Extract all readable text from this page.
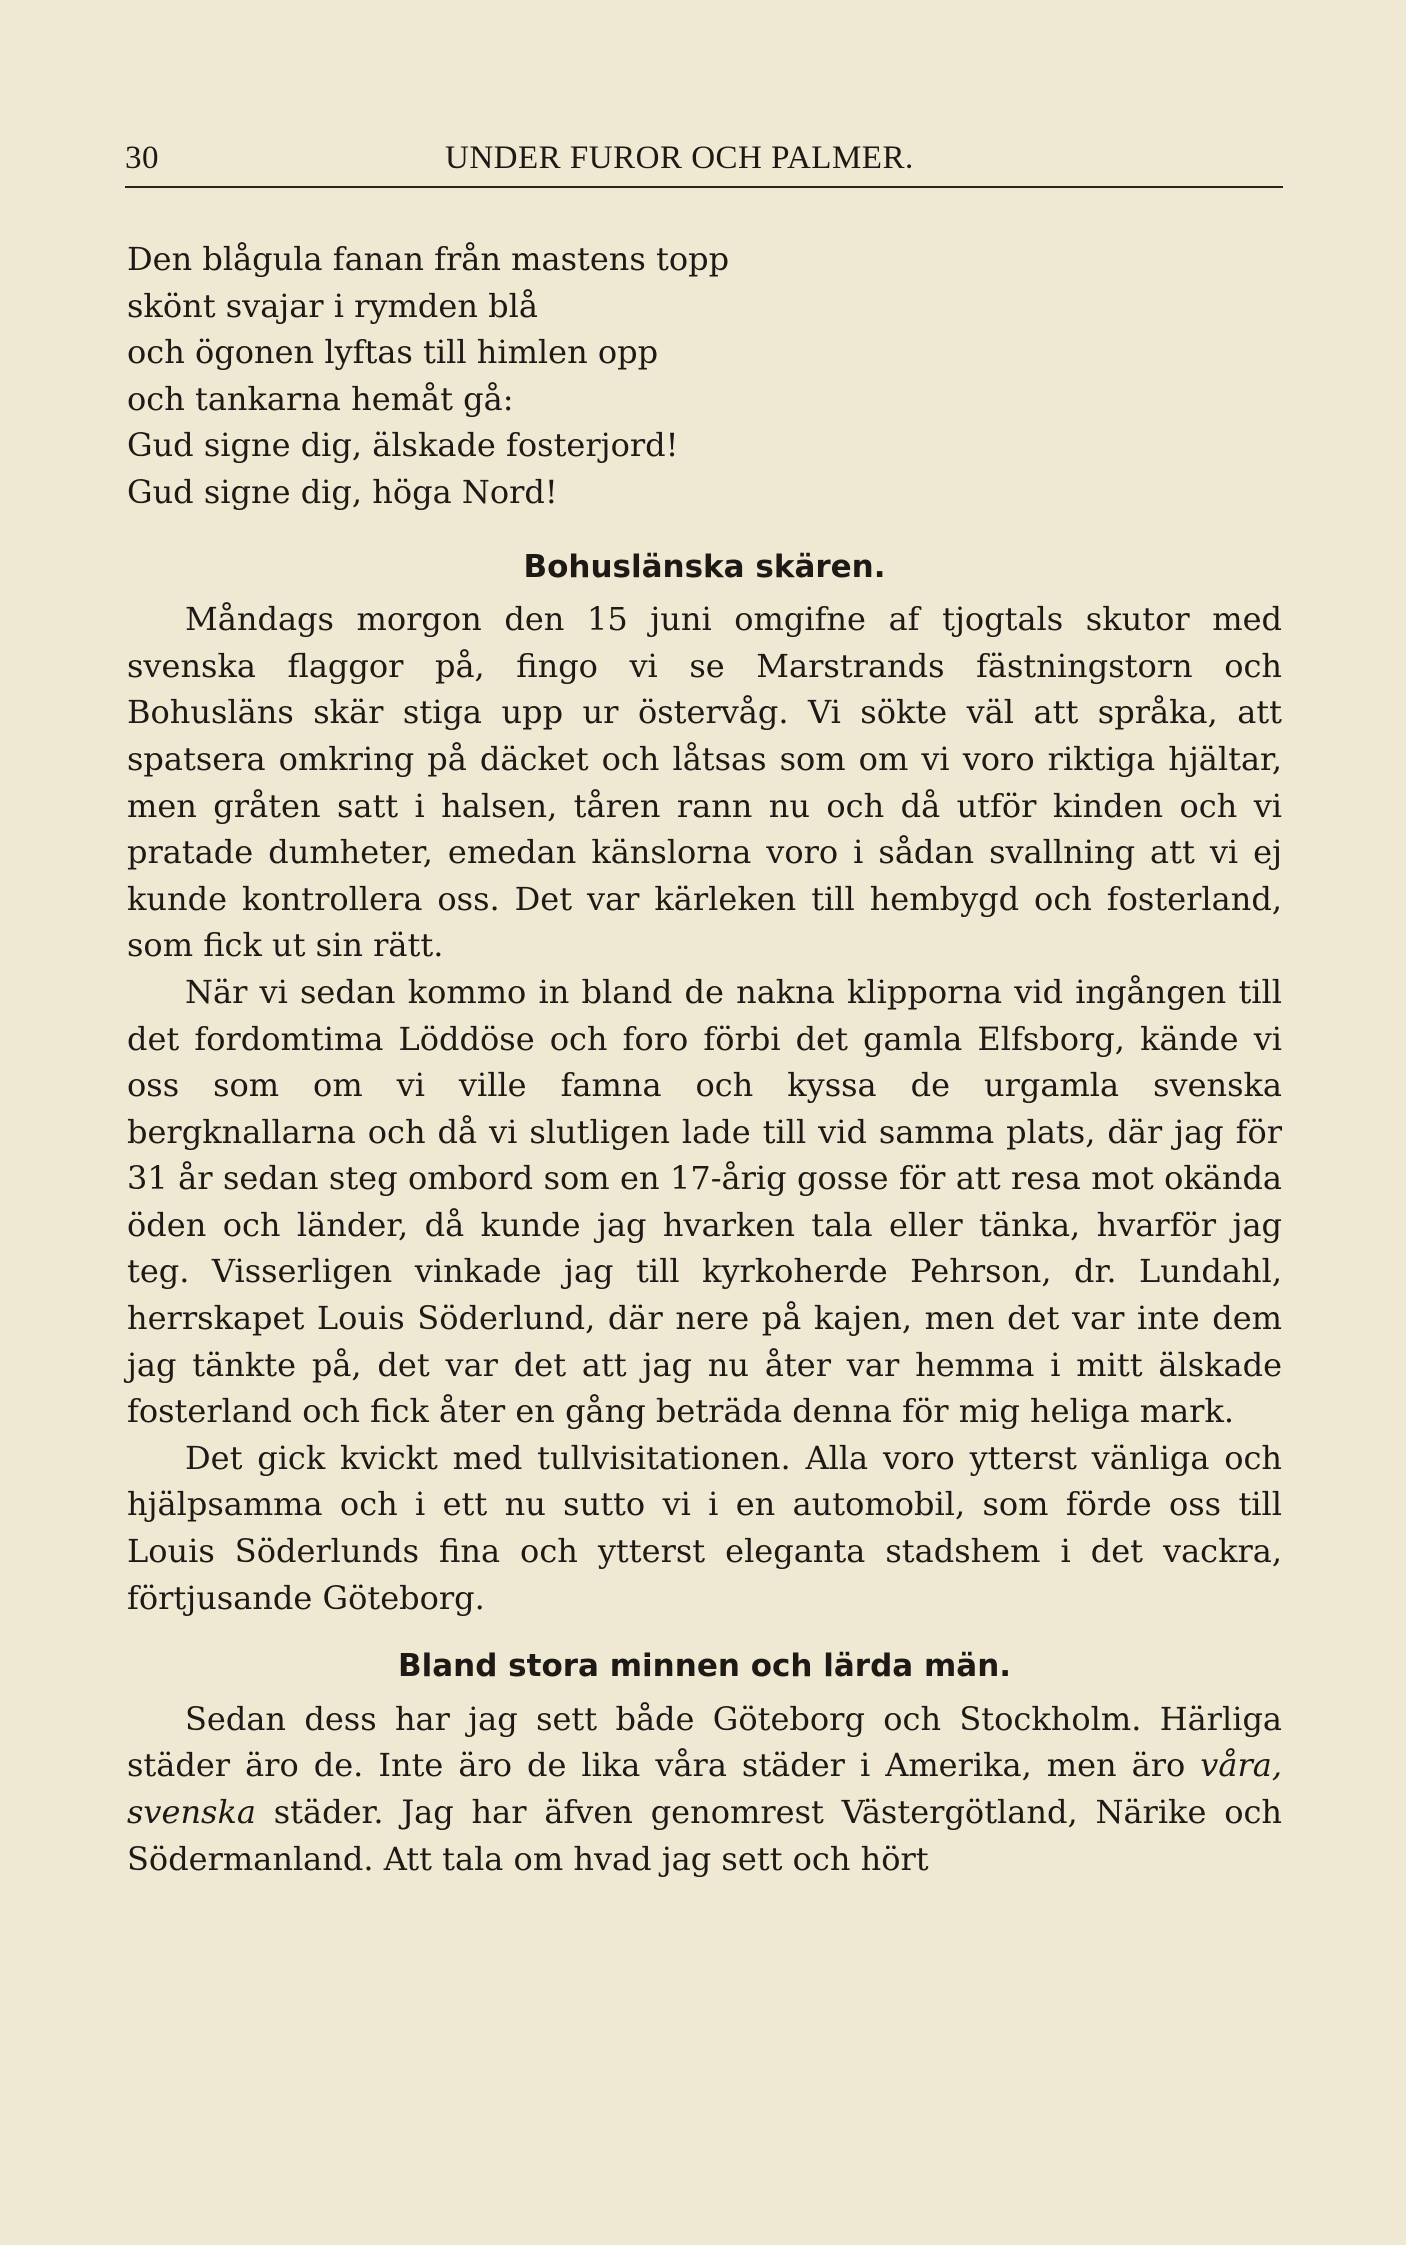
30	UNDER FUROR OCH PALMER.
Den blågula fanan från mastens topp
skönt svajar i rymden blå
och ögonen lyftas till himlen opp
och tankarna hemåt gå:
Gud signe dig, älskade fosterjord!
Gud signe dig, höga Nord!
Bohuslänska skären.

Måndags morgon den 15 juni omgifne af tjogtals skutor med svenska flaggor på, fingo vi se Marstrands fästningstorn och Bohusläns skär stiga upp ur östervåg. Vi sökte väl att språka, att spatsera omkring på däcket och låtsas som om vi voro riktiga hjältar, men gråten satt i halsen, tåren rann nu och då utför kinden och vi pratade dumheter, emedan känslorna voro i sådan svallning att vi ej kunde kontrollera oss. Det var kärleken till hembygd och fosterland, som fick ut sin rätt.

När vi sedan kommo in bland de nakna klipporna vid ingången till det fordomtima Löddöse och foro förbi det gamla Elfsborg, kände vi oss som om vi ville famna och kyssa de urgamla svenska bergknallarna och då vi slutligen lade till vid samma plats, där jag för 31 år sedan steg ombord som en 17-årig gosse för att resa mot okända öden och länder, då kunde jag hvarken tala eller tänka, hvarför jag teg. Visserligen vinkade jag till kyrkoherde Pehrson, dr. Lundahl, herrskapet Louis Söderlund, där nere på kajen, men det var inte dem jag tänkte på, det var det att jag nu åter var hemma i mitt älskade fosterland och fick åter en gång beträda denna för mig heliga mark.

Det gick kvickt med tullvisitationen. Alla voro ytterst vänliga och hjälpsamma och i ett nu sutto vi i en automobil, som förde oss till Louis Söderlunds fina och ytterst eleganta stadshem i det vackra, förtjusande Göteborg.

Bland stora minnen och lärda män.

Sedan dess har jag sett både Göteborg och Stockholm. Härliga städer äro de. Inte äro de lika våra städer i Amerika, men äro våra, svenska städer. Jag har äfven genomrest Västergötland, Närike och Södermanland. Att tala om hvad jag sett och hört
